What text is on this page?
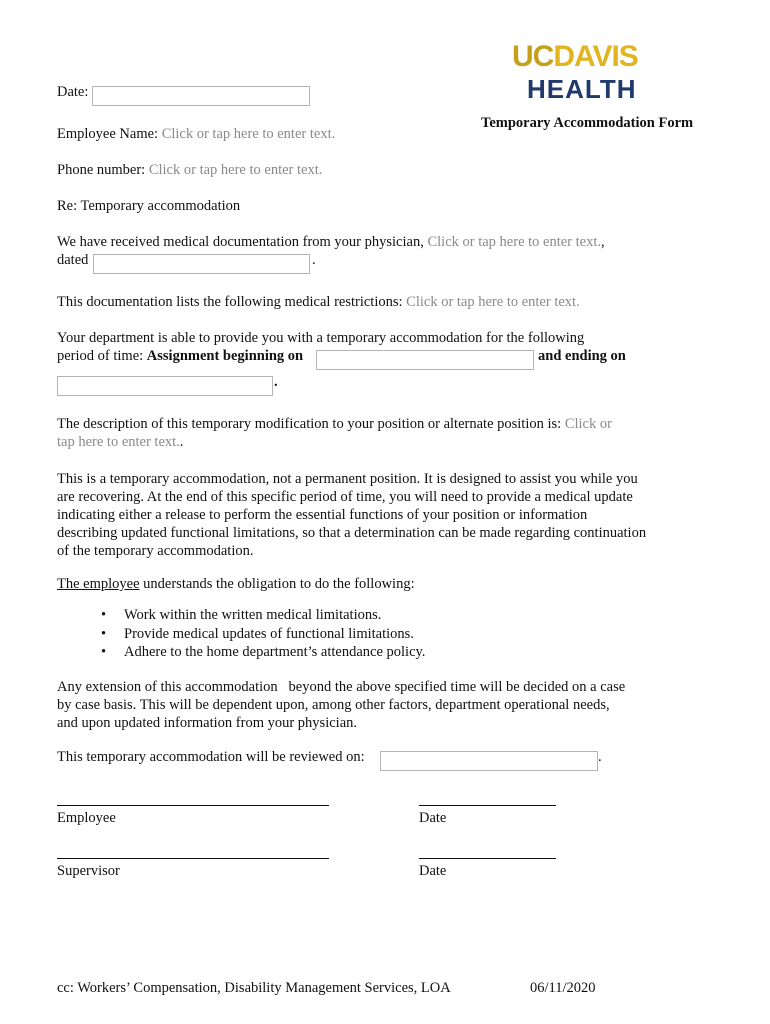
UCDAVIS
HEALTH
Temporary Accommodation Form
Date:
Employee Name: Click or tap here to enter text.
Phone number: Click or tap here to enter text.
Re: Temporary accommodation
We have received medical documentation from your physician, Click or tap here to enter text.,
dated	.
This documentation lists the following medical restrictions: Click or tap here to enter text.
Your department is able to provide you with a temporary accommodation for the following
period of time: Assignment beginning on	and ending on
.
The description of this temporary modification to your position or alternate position is: Click or
tap here to enter text..
This is a temporary accommodation, not a permanent position. It is designed to assist you while you are recovering. At the end of this specific period of time, you will need to provide a medical update indicating either a release to perform the essential functions of your position or information describing updated functional limitations, so that a determination can be made regarding continuation of the temporary accommodation.
The employee understands the obligation to do the following:
• Work within the written medical limitations.
• Provide medical updates of functional limitations.
• Adhere to the home department’s attendance policy.
Any extension of this accommodation   beyond the above specified time will be decided on a case by case basis. This will be dependent upon, among other factors, department operational needs, and upon updated information from your physician.
This temporary accommodation will be reviewed on:	.
Employee	Date
Supervisor	Date
cc: Workers’ Compensation, Disability Management Services, LOA	06/11/2020
